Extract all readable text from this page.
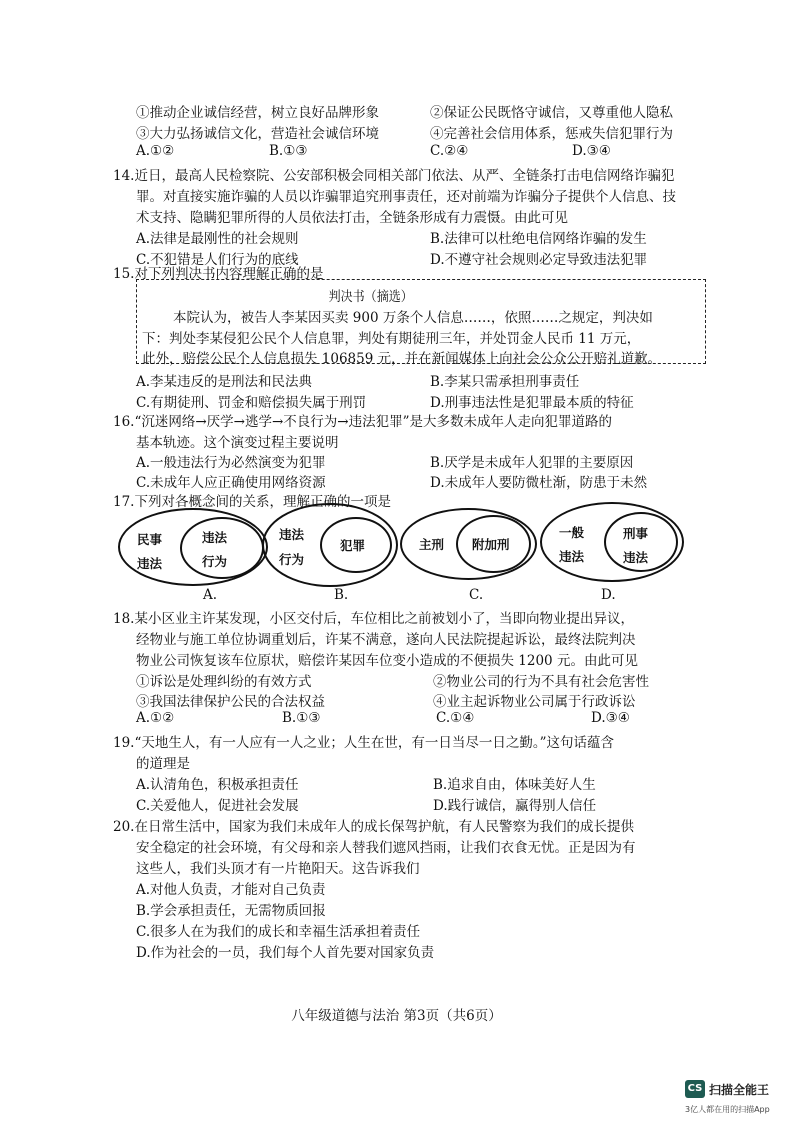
①推动企业诚信经营，树立良好品牌形象	②保证公民既恪守诚信，又尊重他人隐私
③大力弘扬诚信文化，营造社会诚信环境	④完善社会信用体系，惩戒失信犯罪行为
A.①②	B.①③	C.②④	D.③④
14.近日，最高人民检察院、公安部积极会同相关部门依法、从严、全链条打击电信网络诈骗犯
罪。对直接实施诈骗的人员以诈骗罪追究刑事责任，还对前端为诈骗分子提供个人信息、技
术支持、隐瞒犯罪所得的人员依法打击，全链条形成有力震慑。由此可见
A.法律是最刚性的社会规则	B.法律可以杜绝电信网络诈骗的发生
C.不犯错是人们行为的底线	D.不遵守社会规则必定导致违法犯罪
15.对下列判决书内容理解正确的是
判决书（摘选）
本院认为，被告人李某因买卖 900 万条个人信息……，依照……之规定，判决如
下：判处李某侵犯公民个人信息罪，判处有期徒刑三年，并处罚金人民币 11 万元，
此外，赔偿公民个人信息损失 106859 元，并在新闻媒体上向社会公众公开赔礼道歉。
A.李某违反的是刑法和民法典	B.李某只需承担刑事责任
C.有期徒刑、罚金和赔偿损失属于刑罚	D.刑事违法性是犯罪最本质的特征
16.“沉迷网络→厌学→逃学→不良行为→违法犯罪”是大多数未成年人走向犯罪道路的
基本轨迹。这个演变过程主要说明
A.一般违法行为必然演变为犯罪	B.厌学是未成年人犯罪的主要原因
C.未成年人应正确使用网络资源	D.未成年人要防微杜渐，防患于未然
17.下列对各概念间的关系，理解正确的一项是
民事
违法
违法
行为
A.
违法
行为
犯罪
B.
主刑 附加刑
C.
一般
违法
刑事
违法
D.
18.某小区业主许某发现，小区交付后，车位相比之前被划小了，当即向物业提出异议，
经物业与施工单位协调重划后，许某不满意，遂向人民法院提起诉讼，最终法院判决
物业公司恢复该车位原状，赔偿许某因车位变小造成的不便损失 1200 元。由此可见
①诉讼是处理纠纷的有效方式	②物业公司的行为不具有社会危害性
③我国法律保护公民的合法权益	④业主起诉物业公司属于行政诉讼
A.①②	B.①③	C.①④	D.③④
19.“天地生人，有一人应有一人之业；人生在世，有一日当尽一日之勤。”这句话蕴含
的道理是
A.认清角色，积极承担责任	B.追求自由，体味美好人生
C.关爱他人，促进社会发展	D.践行诚信，赢得别人信任
20.在日常生活中，国家为我们未成年人的成长保驾护航，有人民警察为我们的成长提供
安全稳定的社会环境，有父母和亲人替我们遮风挡雨，让我们衣食无忧。正是因为有
这些人，我们头顶才有一片艳阳天。这告诉我们
A.对他人负责，才能对自己负责
B.学会承担责任，无需物质回报
C.很多人在为我们的成长和幸福生活承担着责任
D.作为社会的一员，我们每个人首先要对国家负责
八年级道德与法治 第3页（共6页）
CS 扫描全能王
3亿人都在用的扫描App
